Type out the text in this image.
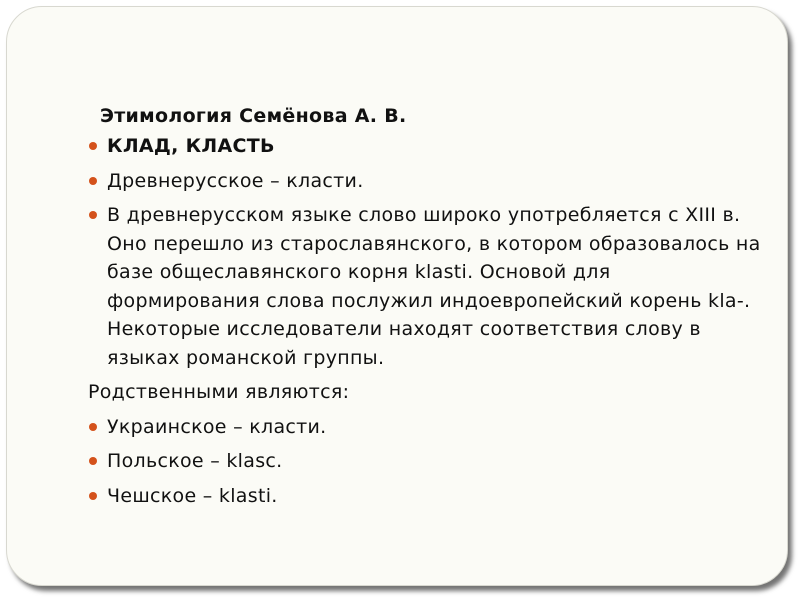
Этимология Семёнова А. В.
КЛАД, КЛАСТЬ
Древнерусское – класти.
В древнерусском языке слово широко употребляется с XIII в. Оно перешло из старославянского, в котором образовалось на базе общеславянского корня klasti. Основой для формирования слова послужил индоевропейский корень kla-. Некоторые исследователи находят соответствия слову в языках романской группы.
Родственными являются:
Украинское – класти.
Польское – klasc.
Чешское – klasti.
